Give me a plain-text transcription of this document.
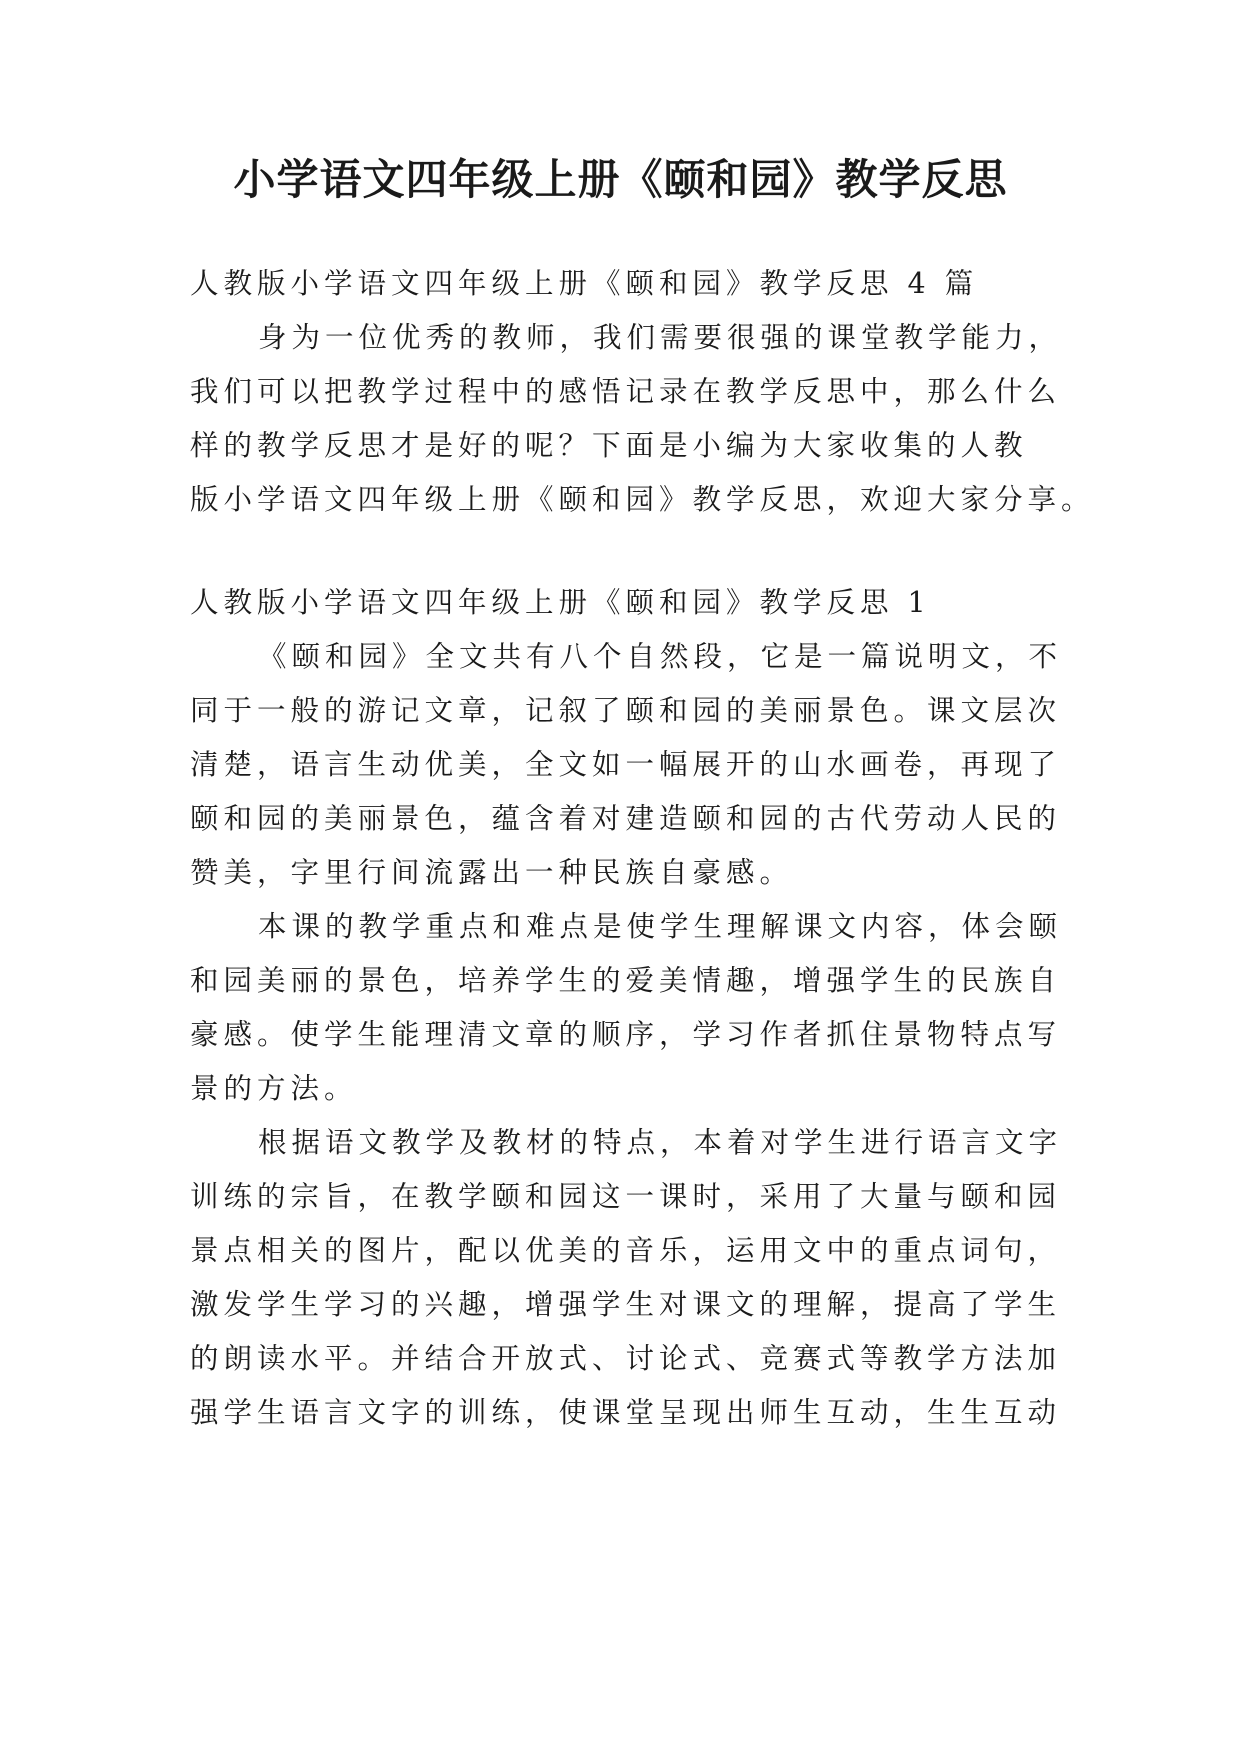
小学语文四年级上册《颐和园》教学反思
人教版小学语文四年级上册《颐和园》教学反思 4 篇
身为一位优秀的教师，我们需要很强的课堂教学能力，
我们可以把教学过程中的感悟记录在教学反思中，那么什么
样的教学反思才是好的呢？下面是小编为大家收集的人教
版小学语文四年级上册《颐和园》教学反思，欢迎大家分享。
人教版小学语文四年级上册《颐和园》教学反思 1
《颐和园》全文共有八个自然段，它是一篇说明文，不
同于一般的游记文章，记叙了颐和园的美丽景色。课文层次
清楚，语言生动优美，全文如一幅展开的山水画卷，再现了
颐和园的美丽景色，蕴含着对建造颐和园的古代劳动人民的
赞美，字里行间流露出一种民族自豪感。
本课的教学重点和难点是使学生理解课文内容，体会颐
和园美丽的景色，培养学生的爱美情趣，增强学生的民族自
豪感。使学生能理清文章的顺序，学习作者抓住景物特点写
景的方法。
根据语文教学及教材的特点，本着对学生进行语言文字
训练的宗旨，在教学颐和园这一课时，采用了大量与颐和园
景点相关的图片，配以优美的音乐，运用文中的重点词句，
激发学生学习的兴趣，增强学生对课文的理解，提高了学生
的朗读水平。并结合开放式、讨论式、竞赛式等教学方法加
强学生语言文字的训练，使课堂呈现出师生互动，生生互动
